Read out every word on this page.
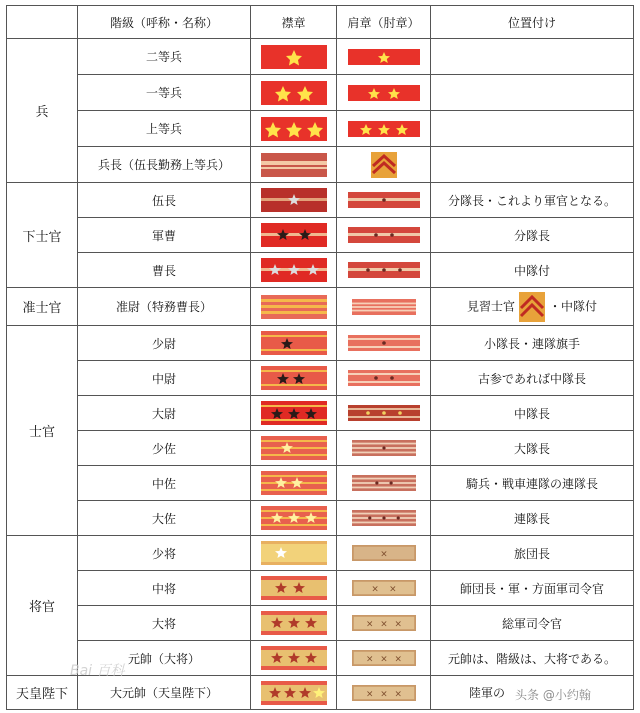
	階級（呼称・名称）	襟章	肩章（肘章）	位置付け
兵	二等兵	

	一等兵	

	上等兵	

	兵長（伍長勤務上等兵）	

下士官	伍長			分隊長・これより軍官となる。
	軍曹			分隊長
	曹長			中隊付
准士官	准尉（特務曹長）			見習士官 ・中隊付
士官	少尉			小隊長・連隊旗手
	中尉			古参であれば中隊長
	大尉			中隊長
	少佐			大隊長
	中佐			騎兵・戦車連隊の連隊長
	大佐			連隊長
将官	少将		×	旅団長
	中将		× ×	師団長・軍・方面軍司令官
	大将		× × ×	総軍司令官
	元帥（大将）		× × ×	元帥は、階級は、大将である。
天皇陛下	大元帥（天皇陛下）		× × ×	陸軍の
Bai 百科
头条 @小约翰
